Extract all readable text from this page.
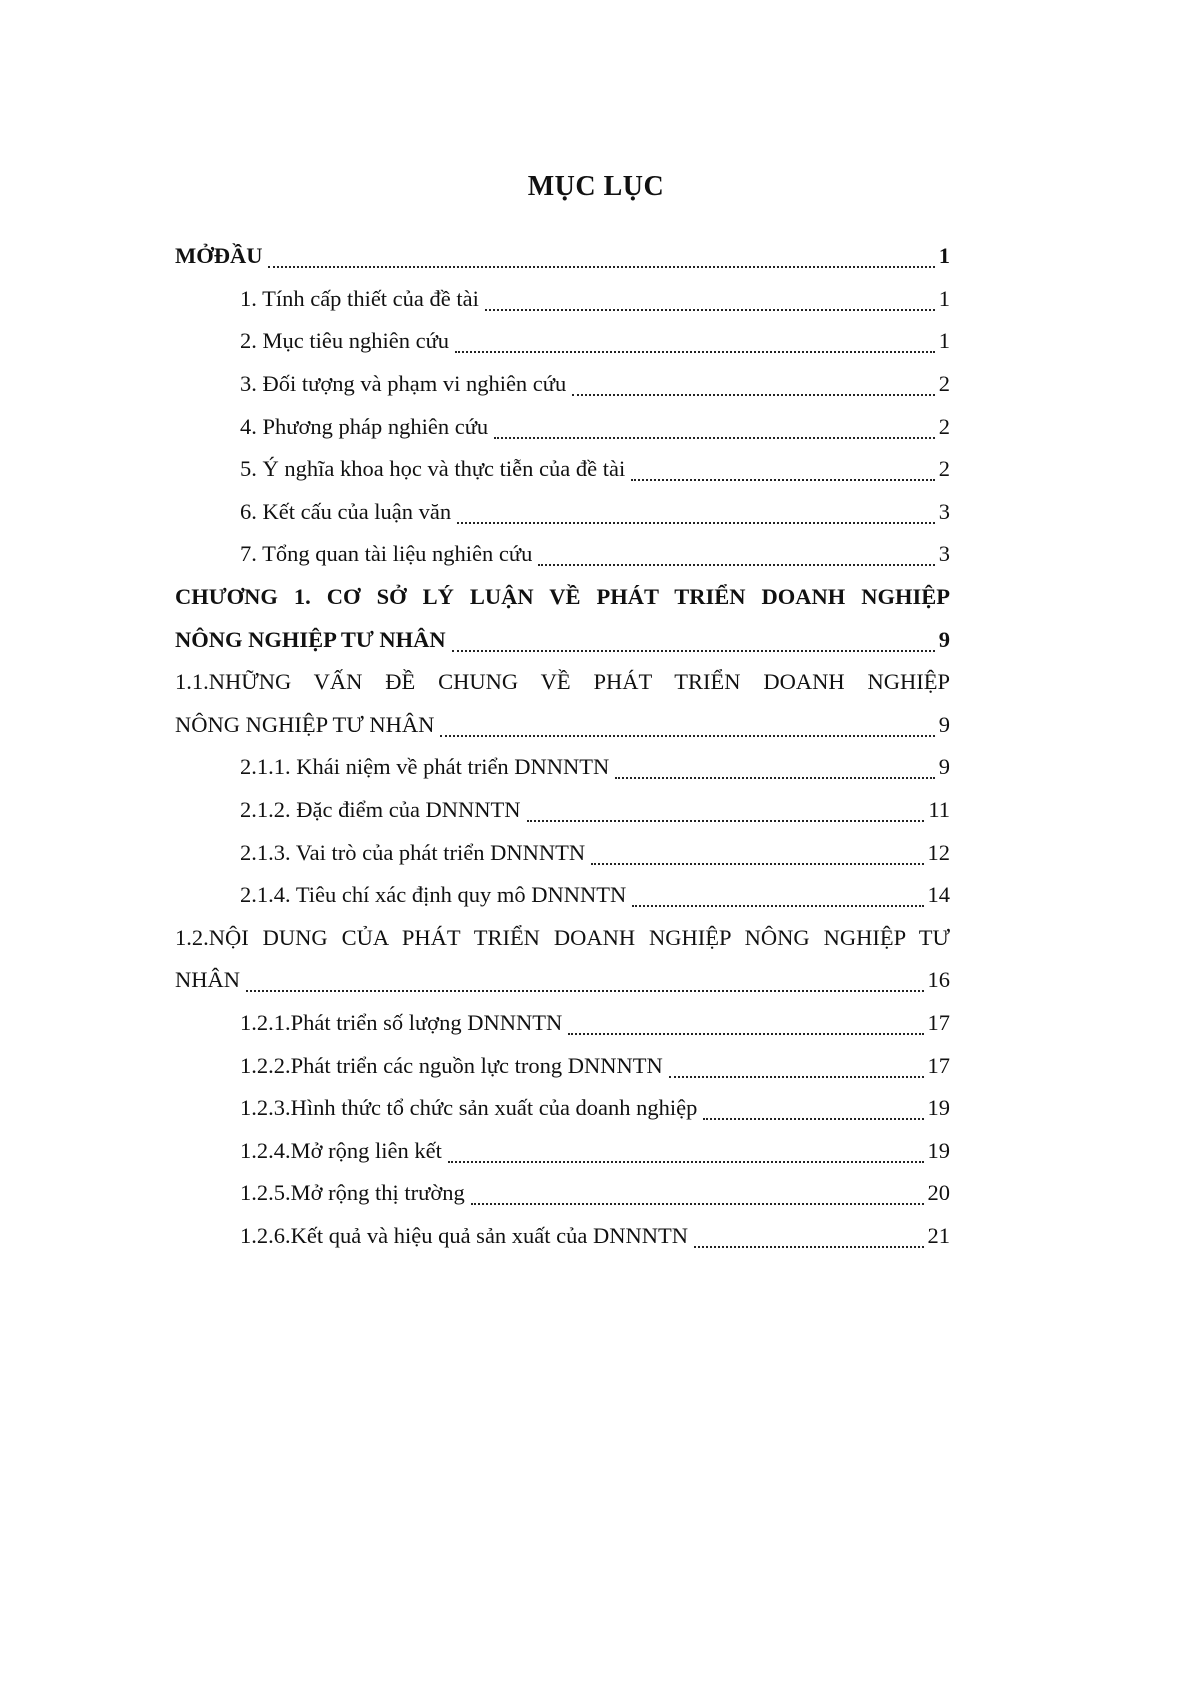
MỤC LỤC
MỞĐẦU	1
1. Tính cấp thiết của đề tài	1
2. Mục tiêu nghiên cứu	1
3. Đối tượng và phạm vi nghiên cứu	2
4. Phương pháp nghiên cứu	2
5. Ý nghĩa khoa học và thực tiễn của đề tài	2
6. Kết cấu của luận văn	3
7. Tổng quan tài liệu nghiên cứu	3
CHƯƠNG 1. CƠ SỞ LÝ LUẬN VỀ PHÁT TRIỂN DOANH NGHIỆP
NÔNG NGHIỆP TƯ NHÂN	9
1.1.NHỮNG VẤN ĐỀ CHUNG VỀ PHÁT TRIỂN DOANH NGHIỆP
NÔNG NGHIỆP TƯ NHÂN	9
2.1.1. Khái niệm về phát triển DNNNTN	9
2.1.2. Đặc điểm của DNNNTN	11
2.1.3. Vai trò của phát triển DNNNTN	12
2.1.4. Tiêu chí xác định quy mô DNNNTN	14
1.2.NỘI DUNG CỦA PHÁT TRIỂN DOANH NGHIỆP NÔNG NGHIỆP TƯ
NHÂN	16
1.2.1.Phát triển số lượng DNNNTN	17
1.2.2.Phát triển các nguồn lực trong DNNNTN	17
1.2.3.Hình thức tổ chức sản xuất của doanh nghiệp	19
1.2.4.Mở rộng liên kết	19
1.2.5.Mở rộng thị trường	20
1.2.6.Kết quả và hiệu quả sản xuất của DNNNTN	21
